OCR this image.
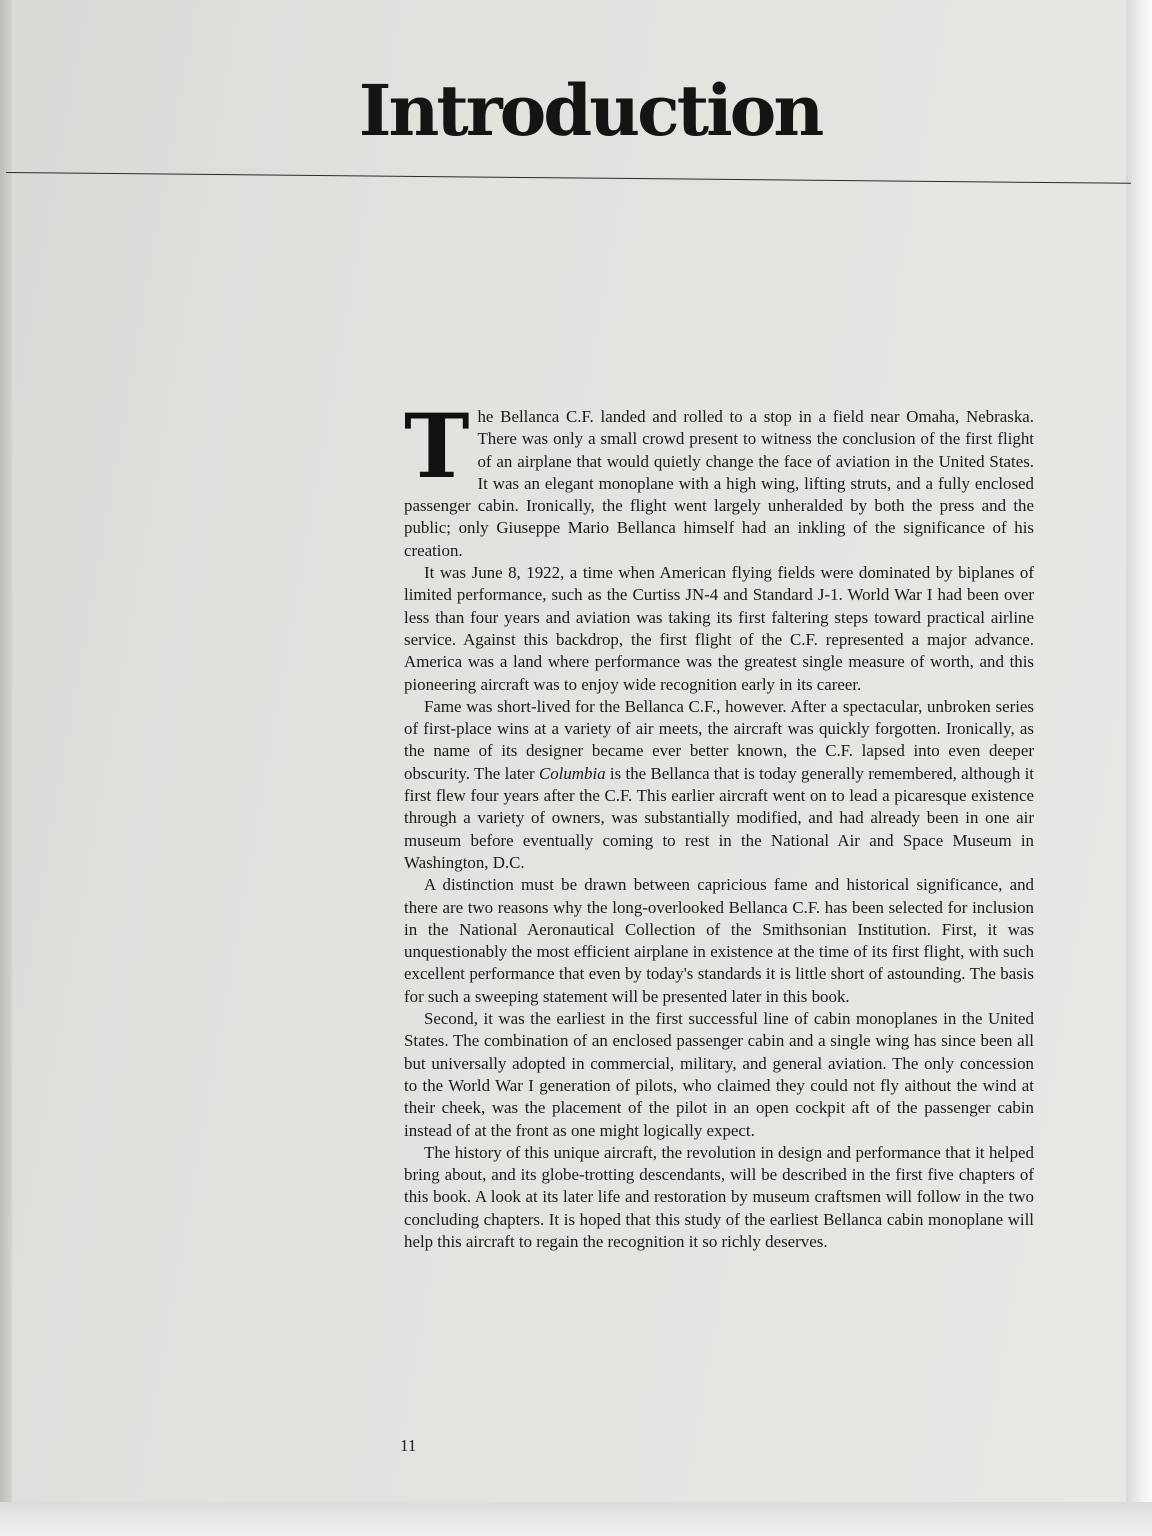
Introduction

The Bellanca C.F. landed and rolled to a stop in a field near Omaha, Nebraska. There was only a small crowd present to witness the conclusion of the first flight of an airplane that would quietly change the face of aviation in the United States. It was an elegant monoplane with a high wing, lifting struts, and a fully enclosed passenger cabin. Ironically, the flight went largely unheralded by both the press and the public; only Giuseppe Mario Bellanca himself had an inkling of the significance of his creation.

It was June 8, 1922, a time when American flying fields were dominated by biplanes of limited performance, such as the Curtiss JN-4 and Standard J-1. World War I had been over less than four years and aviation was taking its first faltering steps toward practical airline service. Against this backdrop, the first flight of the C.F. represented a major advance. America was a land where performance was the greatest single measure of worth, and this pioneering aircraft was to enjoy wide recognition early in its career.

Fame was short-lived for the Bellanca C.F., however. After a spectacular, unbroken series of first-place wins at a variety of air meets, the aircraft was quickly forgotten. Ironically, as the name of its designer became ever better known, the C.F. lapsed into even deeper obscurity. The later Columbia is the Bellanca that is today generally remembered, although it first flew four years after the C.F. This earlier aircraft went on to lead a picaresque existence through a variety of owners, was substantially modified, and had already been in one air museum before eventually coming to rest in the National Air and Space Museum in Washington, D.C.

A distinction must be drawn between capricious fame and historical significance, and there are two reasons why the long-overlooked Bellanca C.F. has been selected for inclusion in the National Aeronautical Collection of the Smithsonian Institution. First, it was unquestionably the most efficient airplane in existence at the time of its first flight, with such excellent performance that even by today's standards it is little short of astounding. The basis for such a sweeping statement will be presented later in this book.

Second, it was the earliest in the first successful line of cabin monoplanes in the United States. The combination of an enclosed passenger cabin and a single wing has since been all but universally adopted in commercial, military, and general aviation. The only concession to the World War I generation of pilots, who claimed they could not fly aithout the wind at their cheek, was the placement of the pilot in an open cockpit aft of the passenger cabin instead of at the front as one might logically expect.

The history of this unique aircraft, the revolution in design and performance that it helped bring about, and its globe-trotting descendants, will be described in the first five chapters of this book. A look at its later life and restoration by museum craftsmen will follow in the two concluding chapters. It is hoped that this study of the earliest Bellanca cabin monoplane will help this aircraft to regain the recognition it so richly deserves.

11
